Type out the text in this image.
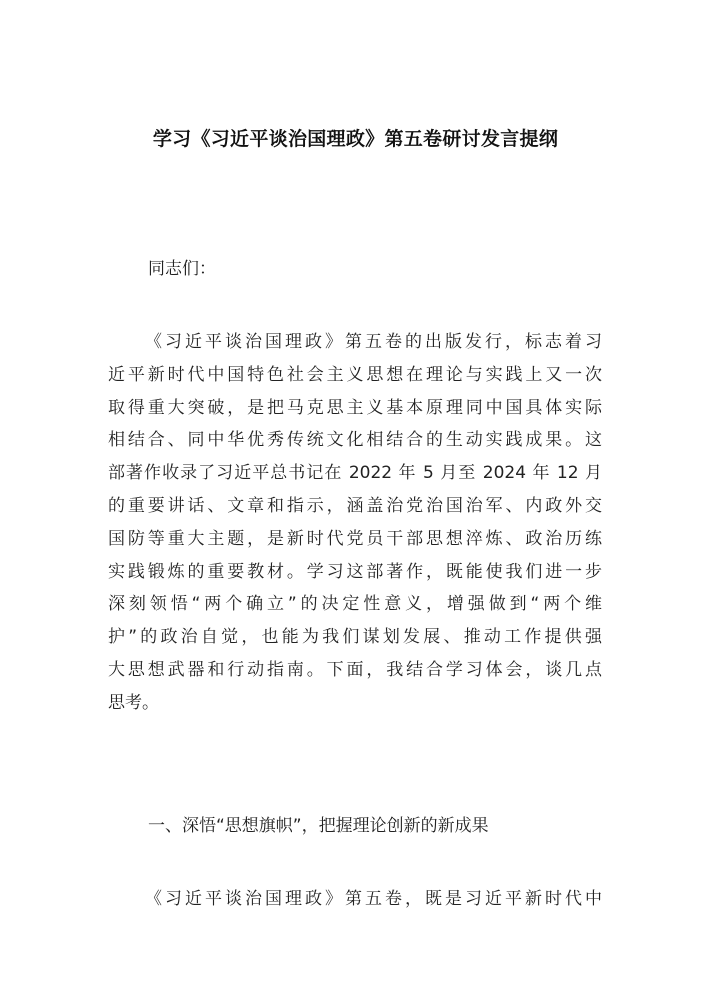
学习《习近平谈治国理政》第五卷研讨发言提纲
同志们：
《习近平谈治国理政》第五卷的出版发行，标志着习
近平新时代中国特色社会主义思想在理论与实践上又一次
取得重大突破，是把马克思主义基本原理同中国具体实际
相结合、同中华优秀传统文化相结合的生动实践成果。这
部著作收录了习近平总书记在 2022 年 5 月至 2024 年 12 月
的重要讲话、文章和指示，涵盖治党治国治军、内政外交
国防等重大主题，是新时代党员干部思想淬炼、政治历练
实践锻炼的重要教材。学习这部著作，既能使我们进一步
深刻领悟“两个确立”的决定性意义，增强做到“两个维
护”的政治自觉，也能为我们谋划发展、推动工作提供强
大思想武器和行动指南。下面，我结合学习体会，谈几点
思考。
一、深悟“思想旗帜”，把握理论创新的新成果
《习近平谈治国理政》第五卷，既是习近平新时代中
